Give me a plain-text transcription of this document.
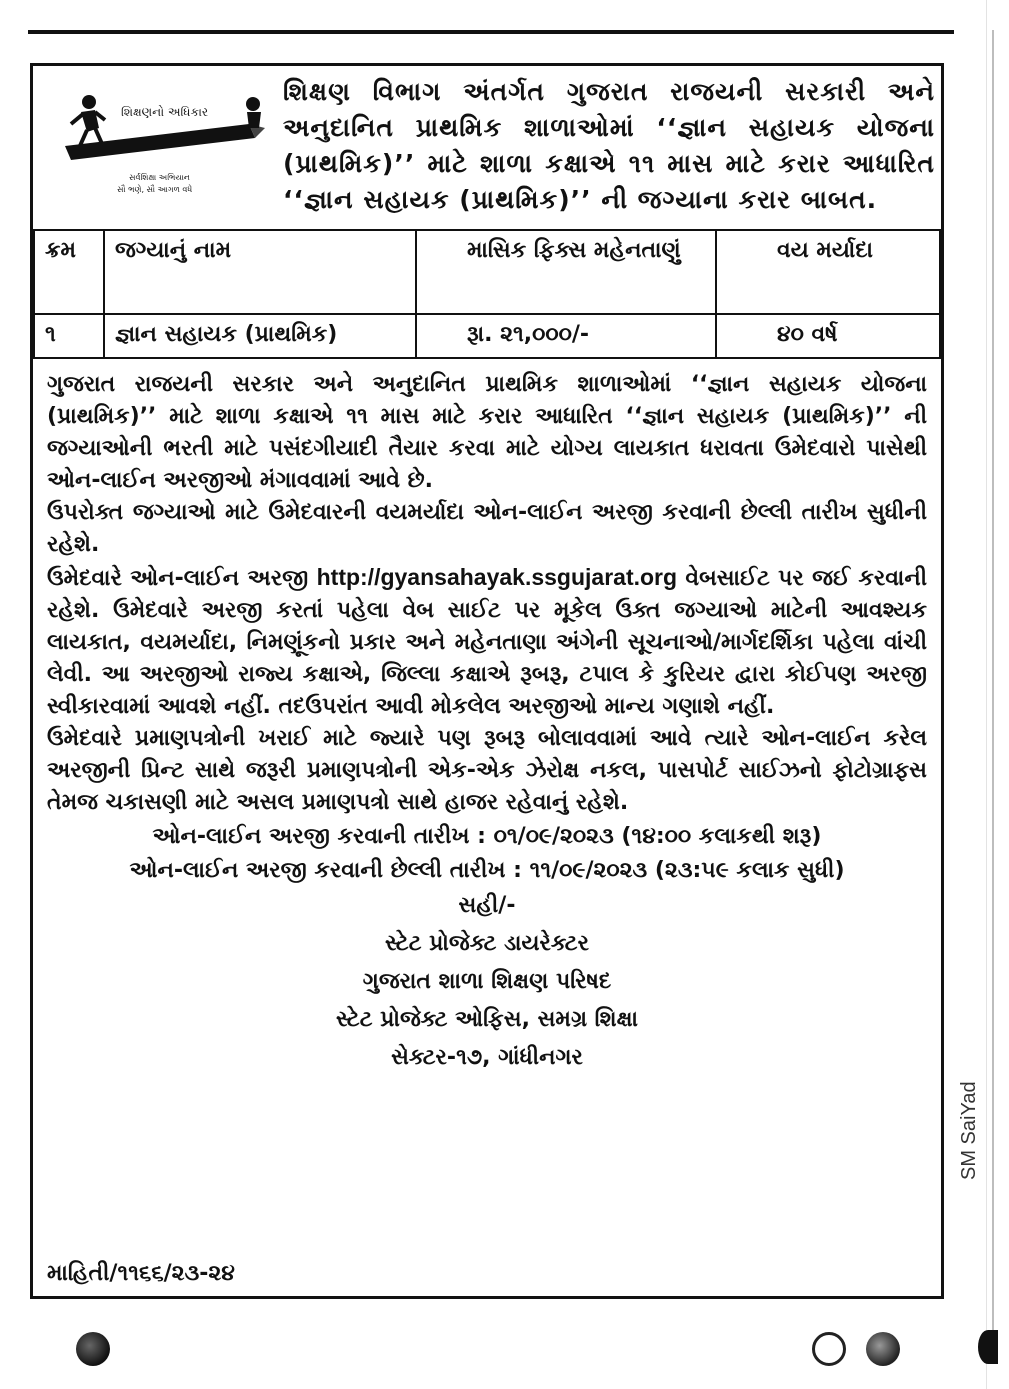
શિક્ષણનો અધિકાર
સર્વશિક્ષા અભિયાન
સૌ ભણે, સૌ આગળ વધે

શિક્ષણ વિભાગ અંતર્ગત ગુજરાત રાજયની સરકારી અને અનુદાનિત પ્રાથમિક શાળાઓમાં ‘‘જ્ઞાન સહાયક યોજના (પ્રાથમિક)’’ માટે શાળા કક્ષાએ ૧૧ માસ માટે કરાર આધારિત ‘‘જ્ઞાન સહાયક (પ્રાથમિક)’’ ની જગ્યાના કરાર બાબત.

ક્રમ	જગ્યાનું નામ	માસિક ફિક્સ મહેનતાણું	વય મર્યાદા
૧	જ્ઞાન સહાયક (પ્રાથમિક)	રૂા. ૨૧,૦૦૦/-	૪૦ વર્ષ

ગુજરાત રાજયની સરકાર અને અનુદાનિત પ્રાથમિક શાળાઓમાં ‘‘જ્ઞાન સહાયક યોજના (પ્રાથમિક)’’ માટે શાળા કક્ષાએ ૧૧ માસ માટે કરાર આધારિત ‘‘જ્ઞાન સહાયક (પ્રાથમિક)’’ ની જગ્યાઓની ભરતી માટે પસંદગીયાદી તૈયાર કરવા માટે યોગ્ય લાયકાત ધરાવતા ઉમેદવારો પાસેથી ઓન-લાઈન અરજીઓ મંગાવવામાં આવે છે.

ઉપરોક્ત જગ્યાઓ માટે ઉમેદવારની વયમર્યાદા ઓન-લાઈન અરજી કરવાની છેલ્લી તારીખ સુધીની રહેશે.

ઉમેદવારે ઓન-લાઈન અરજી http://gyansahayak.ssgujarat.org વેબસાઈટ પર જઈ કરવાની રહેશે. ઉમેદવારે અરજી કરતાં પહેલા વેબ સાઈટ પર મૂકેલ ઉક્ત જગ્યાઓ માટેની આવશ્યક લાયકાત, વયમર્યાદા, નિમણૂંકનો પ્રકાર અને મહેનતાણા અંગેની સૂચનાઓ/માર્ગદર્શિકા પહેલા વાંચી લેવી. આ અરજીઓ રાજ્ય કક્ષાએ, જિલ્લા કક્ષાએ રૂબરૂ, ટપાલ કે કુરિયર દ્વારા કોઈપણ અરજી સ્વીકારવામાં આવશે નહીં. તદઉપરાંત આવી મોકલેલ અરજીઓ માન્ય ગણાશે નહીં.

ઉમેદવારે પ્રમાણપત્રોની ખરાઈ માટે જ્યારે પણ રૂબરૂ બોલાવવામાં આવે ત્યારે ઓન-લાઈન કરેલ અરજીની પ્રિન્ટ સાથે જરૂરી પ્રમાણપત્રોની એક-એક ઝેરોક્ષ નકલ, પાસપોર્ટ સાઈઝનો ફોટોગ્રાફસ તેમજ ચકાસણી માટે અસલ પ્રમાણપત્રો સાથે હાજર રહેવાનું રહેશે.

ઓન-લાઈન અરજી કરવાની તારીખ : ૦૧/૦૯/૨૦૨૩ (૧૪:૦૦ કલાકથી શરૂ)

ઓન-લાઈન અરજી કરવાની છેલ્લી તારીખ : ૧૧/૦૯/૨૦૨૩ (૨૩:૫૯ કલાક સુધી)

સહી/-
સ્ટેટ પ્રોજેક્ટ ડાયરેક્ટર
ગુજરાત શાળા શિક્ષણ પરિષદ
સ્ટેટ પ્રોજેક્ટ ઓફિસ, સમગ્ર શિક્ષા
સેક્ટર-૧૭, ગાંધીનગર
માહિતી/૧૧૬૬/૨૩-૨૪
SM SaiYad
